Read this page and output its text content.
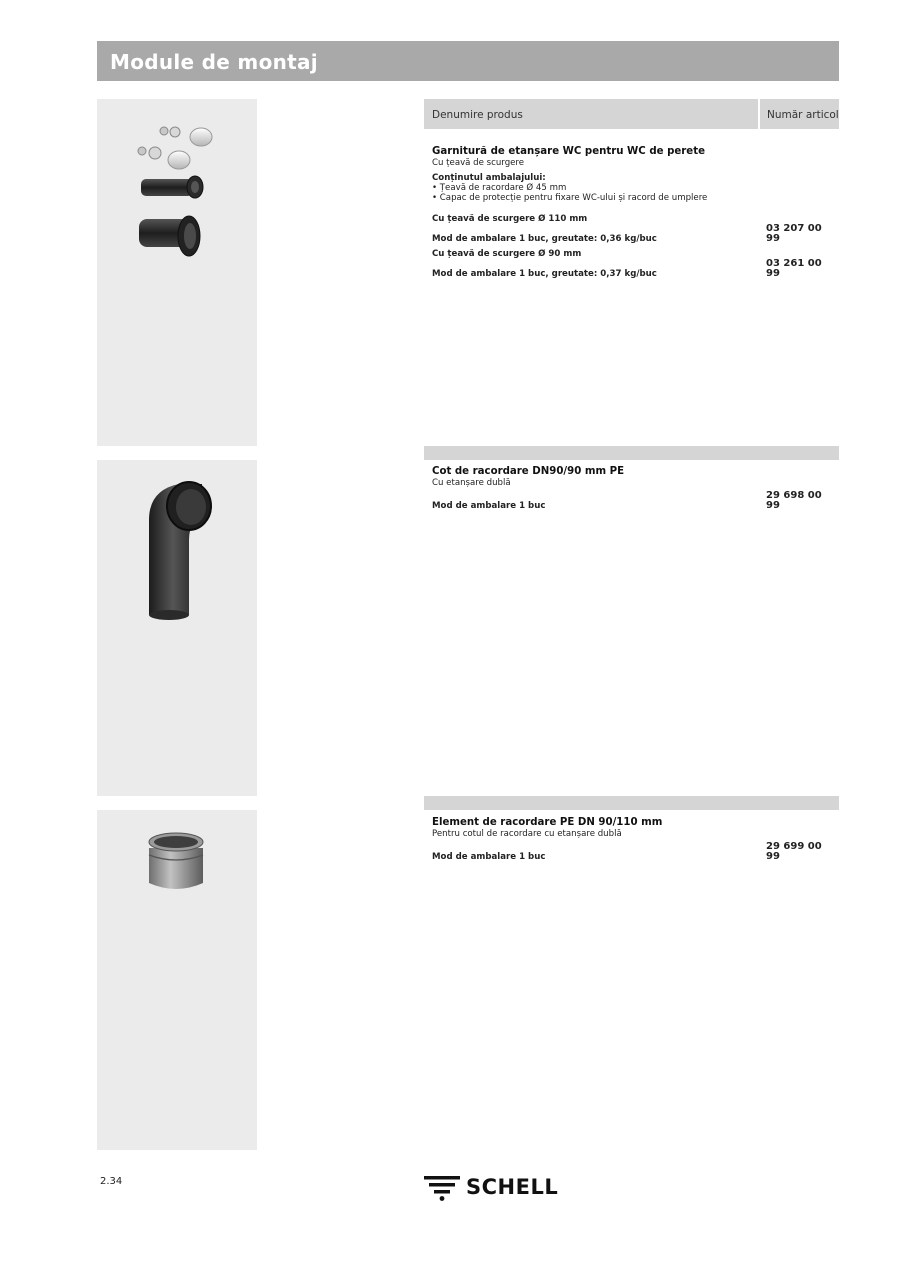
Module de montaj
Denumire produs	Număr articol
Garnitură de etanșare WC pentru WC de perete
Cu țeavă de scurgere
Conținutul ambalajului:
• Țeavă de racordare Ø 45 mm
• Capac de protecție pentru fixare WC-ului și racord de umplere
Cu țeavă de scurgere Ø 110 mm
Mod de ambalare 1 buc, greutate: 0,36 kg/buc
03 207 00 99
Cu țeavă de scurgere Ø 90 mm
Mod de ambalare 1 buc, greutate: 0,37 kg/buc
03 261 00 99
Cot de racordare DN90/90 mm PE
Cu etanșare dublă
Mod de ambalare 1 buc
29 698 00 99
Element de racordare PE DN 90/110 mm
Pentru cotul de racordare cu etanșare dublă
Mod de ambalare 1 buc
29 699 00 99
2.34	SCHELL
